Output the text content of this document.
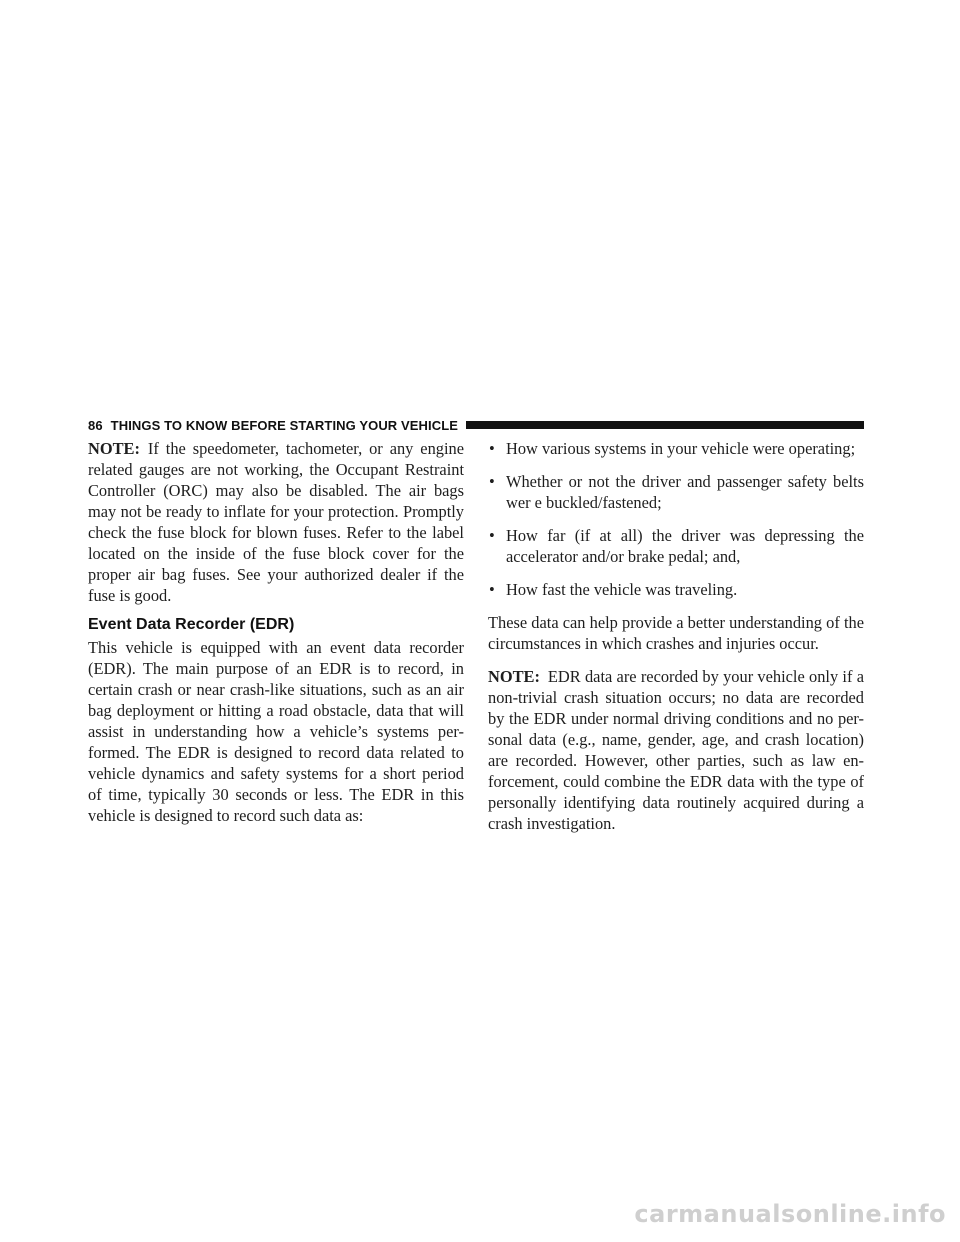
86 THINGS TO KNOW BEFORE STARTING YOUR VEHICLE

NOTE: If the speedometer, tachometer, or any engine related gauges are not working, the Occupant Restraint Controller (ORC) may also be disabled. The air bags may not be ready to inflate for your protection. Promptly check the fuse block for blown fuses. Refer to the label located on the inside of the fuse block cover for the proper air bag fuses. See your authorized dealer if the fuse is good.

Event Data Recorder (EDR)

This vehicle is equipped with an event data recorder (EDR). The main purpose of an EDR is to record, in certain crash or near crash-like situations, such as an air bag deployment or hitting a road obstacle, data that will assist in understanding how a vehicle’s systems per-formed. The EDR is designed to record data related to vehicle dynamics and safety systems for a short period of time, typically 30 seconds or less. The EDR in this vehicle is designed to record such data as:

• How various systems in your vehicle were operating;
• Whether or not the driver and passenger safety belts wer e buckled/fastened;
• How far (if at all) the driver was depressing the accelerator and/or brake pedal; and,
• How fast the vehicle was traveling.

These data can help provide a better understanding of the circumstances in which crashes and injuries occur.

NOTE: EDR data are recorded by your vehicle only if a non-trivial crash situation occurs; no data are recorded by the EDR under normal driving conditions and no per-sonal data (e.g., name, gender, age, and crash location) are recorded. However, other parties, such as law en-forcement, could combine the EDR data with the type of personally identifying data routinely acquired during a crash investigation.

carmanualsonline.info
